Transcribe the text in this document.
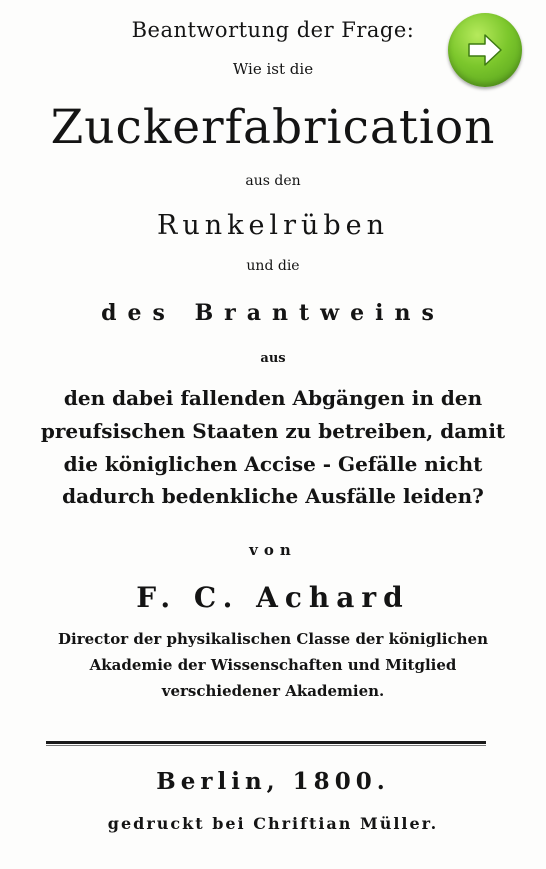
Beantwortung der Frage:
Wie ist die
Zuckerfabrication
aus den
Runkelrüben
und die
des Brantweins
aus
den dabei fallenden Abgängen in den
preufsischen Staaten zu betreiben, damit
die königlichen Accise - Gefälle nicht
dadurch bedenkliche Ausfälle leiden?
von
F. C. Achard
Director der physikalischen Classe der königlichen
Akademie der Wissenschaften und Mitglied
verschiedener Akademien.
Berlin, 1800.
gedruckt bei Chriftian Müller.
